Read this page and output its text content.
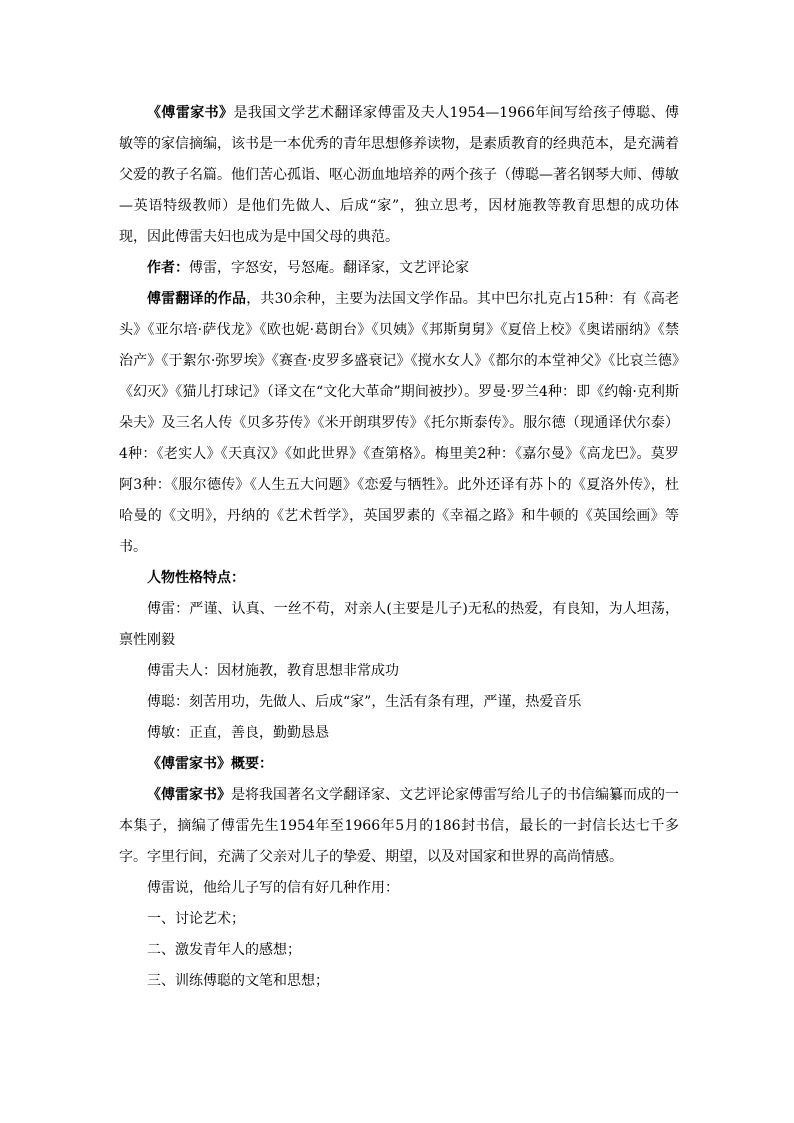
《傅雷家书》是我国文学艺术翻译家傅雷及夫人1954—1966年间写给孩子傅聪、傅敏等的家信摘编，该书是一本优秀的青年思想修养读物，是素质教育的经典范本，是充满着父爱的教子名篇。他们苦心孤诣、呕心沥血地培养的两个孩子（傅聪—著名钢琴大师、傅敏—英语特级教师）是他们先做人、后成“家”，独立思考，因材施教等教育思想的成功体现，因此傅雷夫妇也成为是中国父母的典范。

作者：傅雷，字怒安，号怒庵。翻译家，文艺评论家

傅雷翻译的作品，共30余种，主要为法国文学作品。其中巴尔扎克占15种：有《高老头》《亚尔培·萨伐龙》《欧也妮·葛朗台》《贝姨》《邦斯舅舅》《夏倍上校》《奥诺丽纳》《禁治产》《于絮尔·弥罗埃》《赛查·皮罗多盛衰记》《搅水女人》《都尔的本堂神父》《比哀兰德》《幻灭》《猫儿打球记》（译文在“文化大革命”期间被抄）。罗曼·罗兰4种：即《约翰·克利斯朵夫》及三名人传《贝多芬传》《米开朗琪罗传》《托尔斯泰传》。服尔德（现通译伏尔泰）4种：《老实人》《天真汉》《如此世界》《查第格》。梅里美2种：《嘉尔曼》《高龙巴》。莫罗阿3种：《服尔德传》《人生五大问题》《恋爱与牺牲》。此外还译有苏卜的《夏洛外传》，杜哈曼的《文明》，丹纳的《艺术哲学》，英国罗素的《幸福之路》和牛顿的《英国绘画》等书。

人物性格特点：

傅雷：严谨、认真、一丝不苟，对亲人(主要是儿子)无私的热爱，有良知，为人坦荡，禀性刚毅

傅雷夫人：因材施教，教育思想非常成功

傅聪：刻苦用功，先做人、后成“家”，生活有条有理，严谨，热爱音乐

傅敏：正直，善良，勤勤恳恳

《傅雷家书》概要：

《傅雷家书》是将我国著名文学翻译家、文艺评论家傅雷写给儿子的书信编纂而成的一本集子，摘编了傅雷先生1954年至1966年5月的186封书信，最长的一封信长达七千多字。字里行间，充满了父亲对儿子的挚爱、期望，以及对国家和世界的高尚情感。

傅雷说，他给儿子写的信有好几种作用：

一、讨论艺术；

二、激发青年人的感想；

三、训练傅聪的文笔和思想；
